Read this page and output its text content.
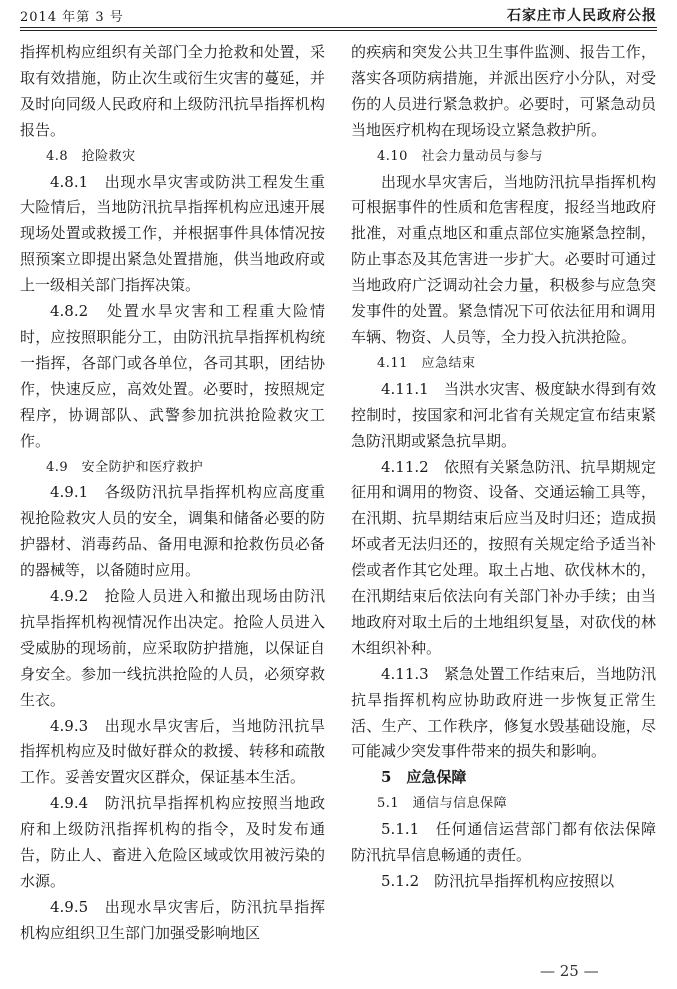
2014 年第 3 号	石家庄市人民政府公报

指挥机构应组织有关部门全力抢救和处置，采取有效措施，防止次生或衍生灾害的蔓延，并及时向同级人民政府和上级防汛抗旱指挥机构报告。

4.8　抢险救灾

4.8.1　出现水旱灾害或防洪工程发生重大险情后，当地防汛抗旱指挥机构应迅速开展现场处置或救援工作，并根据事件具体情况按照预案立即提出紧急处置措施，供当地政府或上一级相关部门指挥决策。

4.8.2　处置水旱灾害和工程重大险情时，应按照职能分工，由防汛抗旱指挥机构统一指挥，各部门或各单位，各司其职，团结协作，快速反应，高效处置。必要时，按照规定程序，协调部队、武警参加抗洪抢险救灾工作。

4.9　安全防护和医疗救护

4.9.1　各级防汛抗旱指挥机构应高度重视抢险救灾人员的安全，调集和储备必要的防护器材、消毒药品、备用电源和抢救伤员必备的器械等，以备随时应用。

4.9.2　抢险人员进入和撤出现场由防汛抗旱指挥机构视情况作出决定。抢险人员进入受威胁的现场前，应采取防护措施，以保证自身安全。参加一线抗洪抢险的人员，必须穿救生衣。

4.9.3　出现水旱灾害后，当地防汛抗旱指挥机构应及时做好群众的救援、转移和疏散工作。妥善安置灾区群众，保证基本生活。

4.9.4　防汛抗旱指挥机构应按照当地政府和上级防汛指挥机构的指令，及时发布通告，防止人、畜进入危险区域或饮用被污染的水源。

4.9.5　出现水旱灾害后，防汛抗旱指挥机构应组织卫生部门加强受影响地区

的疾病和突发公共卫生事件监测、报告工作，落实各项防病措施，并派出医疗小分队，对受伤的人员进行紧急救护。必要时，可紧急动员当地医疗机构在现场设立紧急救护所。

4.10　社会力量动员与参与

出现水旱灾害后，当地防汛抗旱指挥机构可根据事件的性质和危害程度，报经当地政府批准，对重点地区和重点部位实施紧急控制，防止事态及其危害进一步扩大。必要时可通过当地政府广泛调动社会力量，积极参与应急突发事件的处置。紧急情况下可依法征用和调用车辆、物资、人员等，全力投入抗洪抢险。

4.11　应急结束

4.11.1　当洪水灾害、极度缺水得到有效控制时，按国家和河北省有关规定宣布结束紧急防汛期或紧急抗旱期。

4.11.2　依照有关紧急防汛、抗旱期规定征用和调用的物资、设备、交通运输工具等，在汛期、抗旱期结束后应当及时归还；造成损坏或者无法归还的，按照有关规定给予适当补偿或者作其它处理。取土占地、砍伐林木的，在汛期结束后依法向有关部门补办手续；由当地政府对取土后的土地组织复垦，对砍伐的林木组织补种。

4.11.3　紧急处置工作结束后，当地防汛抗旱指挥机构应协助政府进一步恢复正常生活、生产、工作秩序，修复水毁基础设施，尽可能减少突发事件带来的损失和影响。

5　应急保障

5.1　通信与信息保障

5.1.1　任何通信运营部门都有依法保障防汛抗旱信息畅通的责任。

5.1.2　防汛抗旱指挥机构应按照以

— 25 —
